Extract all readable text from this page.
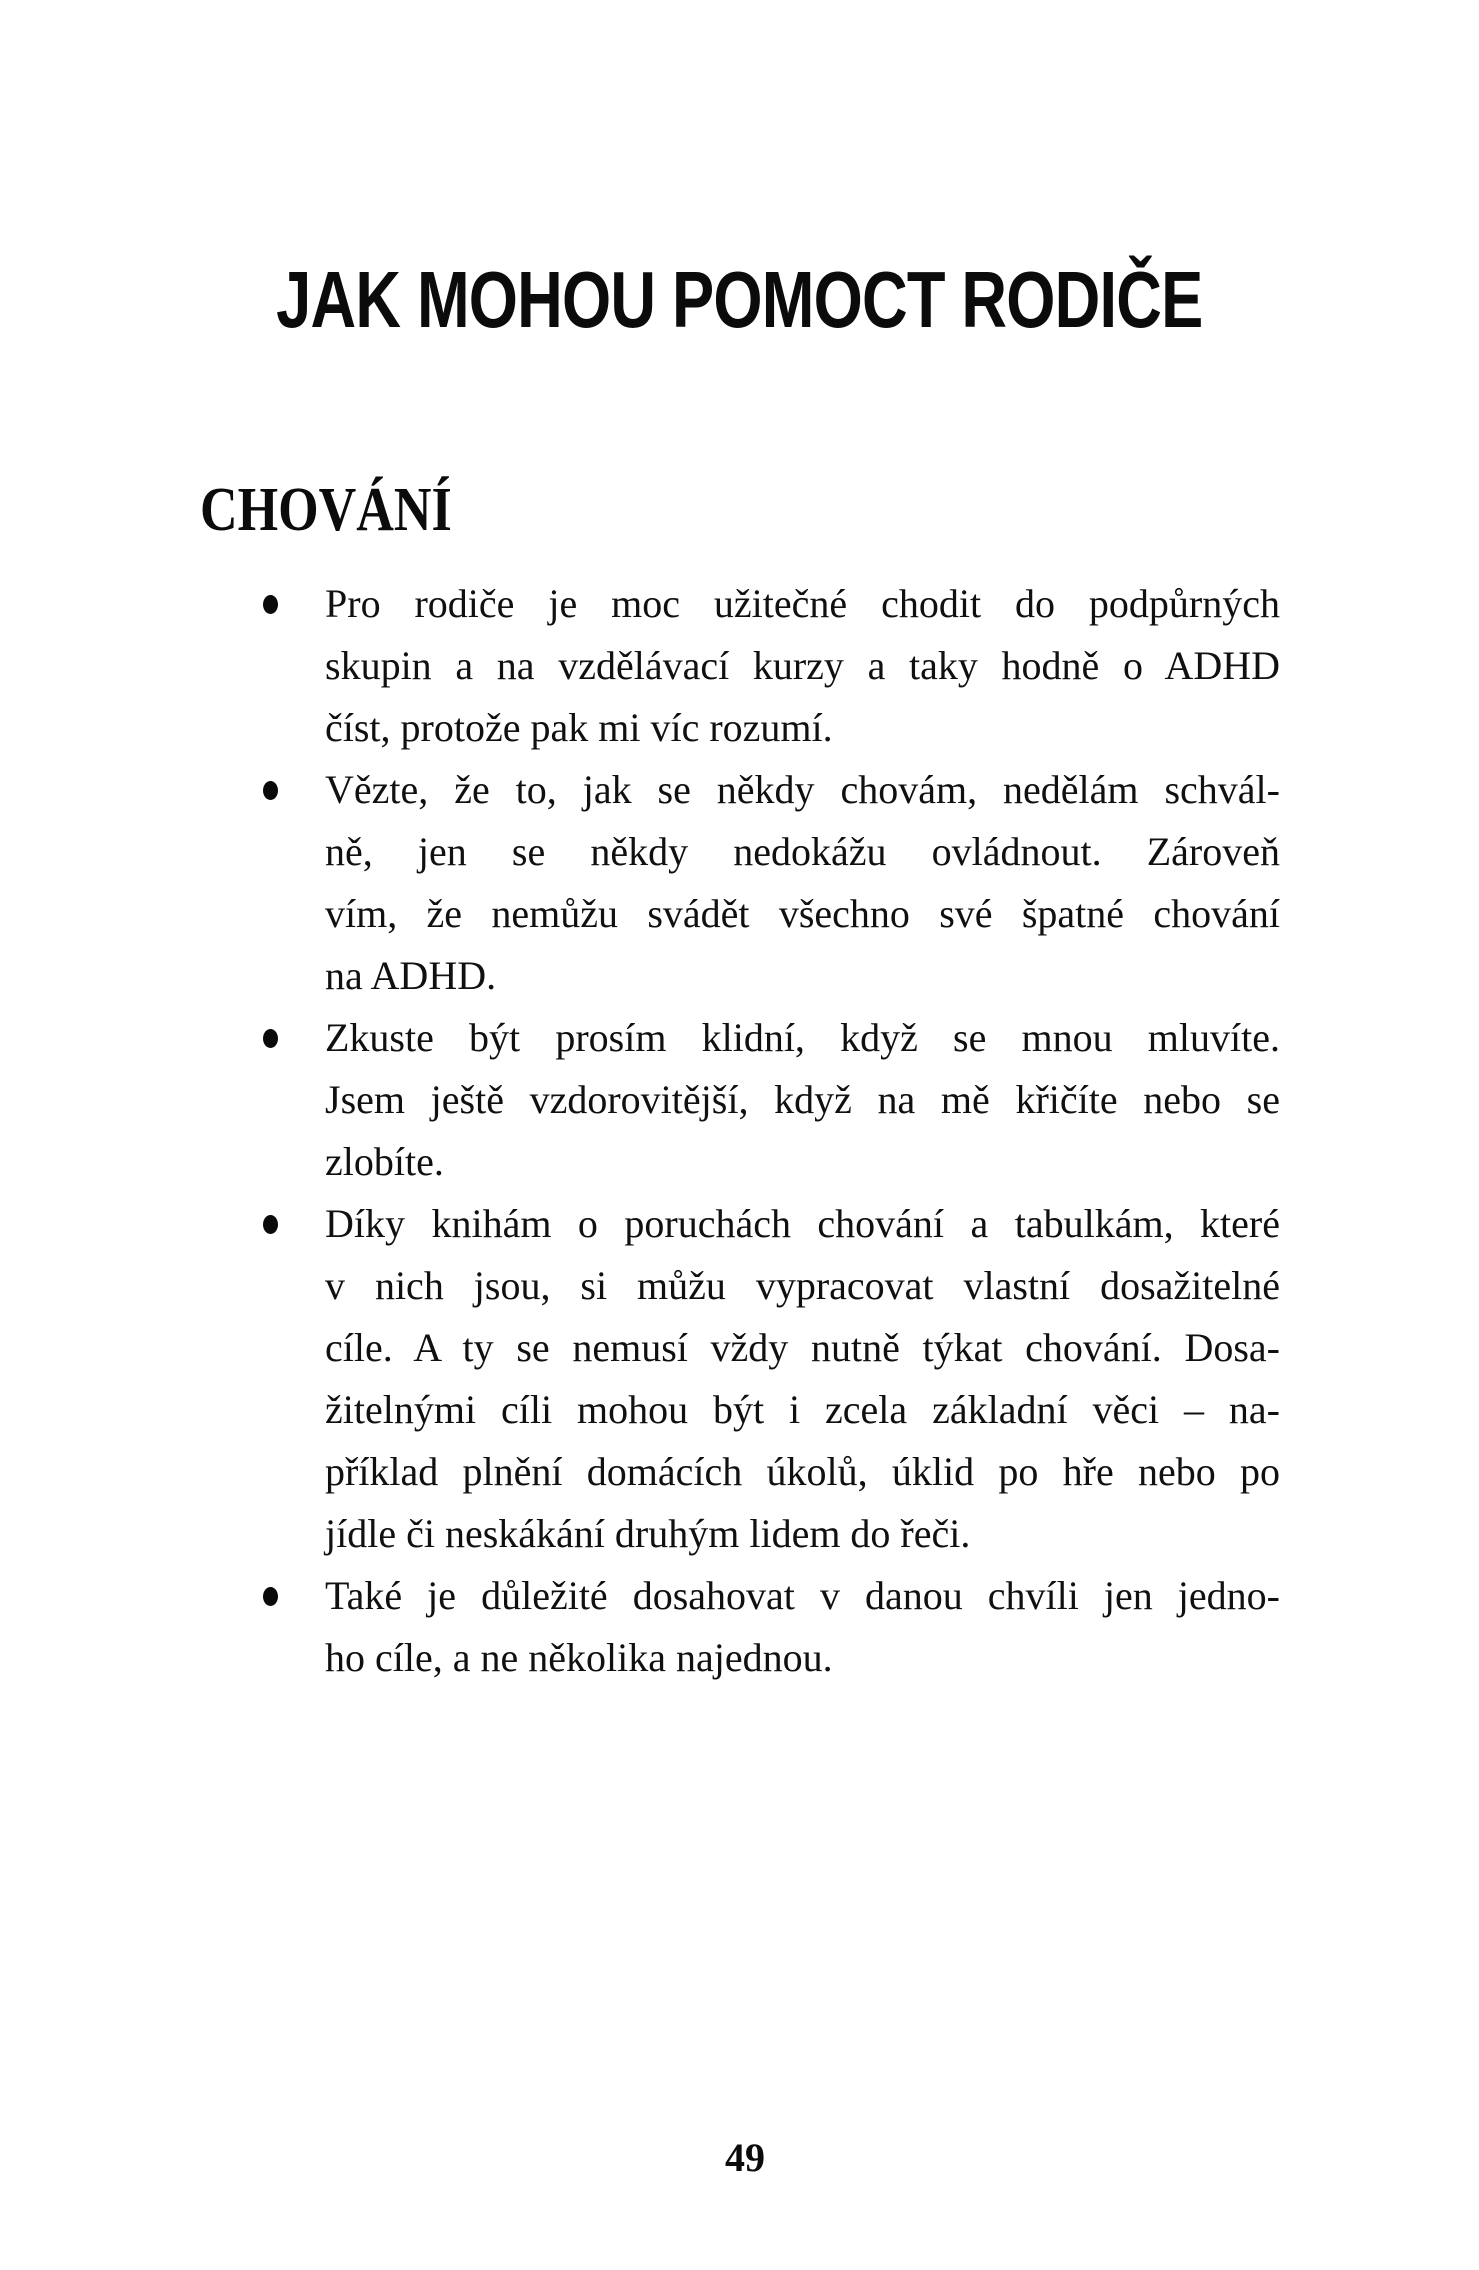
JAK MOHOU POMOCT RODIČE
CHOVÁNÍ
Pro rodiče je moc užitečné chodit do podpůrných
skupin a na vzdělávací kurzy a taky hodně o ADHD
číst, protože pak mi víc rozumí.
Vězte, že to, jak se někdy chovám, nedělám schvál-
ně, jen se někdy nedokážu ovládnout. Zároveň
vím, že nemůžu svádět všechno své špatné chování
na ADHD.
Zkuste být prosím klidní, když se mnou mluvíte.
Jsem ještě vzdorovitější, když na mě křičíte nebo se
zlobíte.
Díky knihám o poruchách chování a tabulkám, které
v nich jsou, si můžu vypracovat vlastní dosažitelné
cíle. A ty se nemusí vždy nutně týkat chování. Dosa-
žitelnými cíli mohou být i zcela základní věci – na-
příklad plnění domácích úkolů, úklid po hře nebo po
jídle či neskákání druhým lidem do řeči.
Také je důležité dosahovat v danou chvíli jen jedno-
ho cíle, a ne několika najednou.
49
